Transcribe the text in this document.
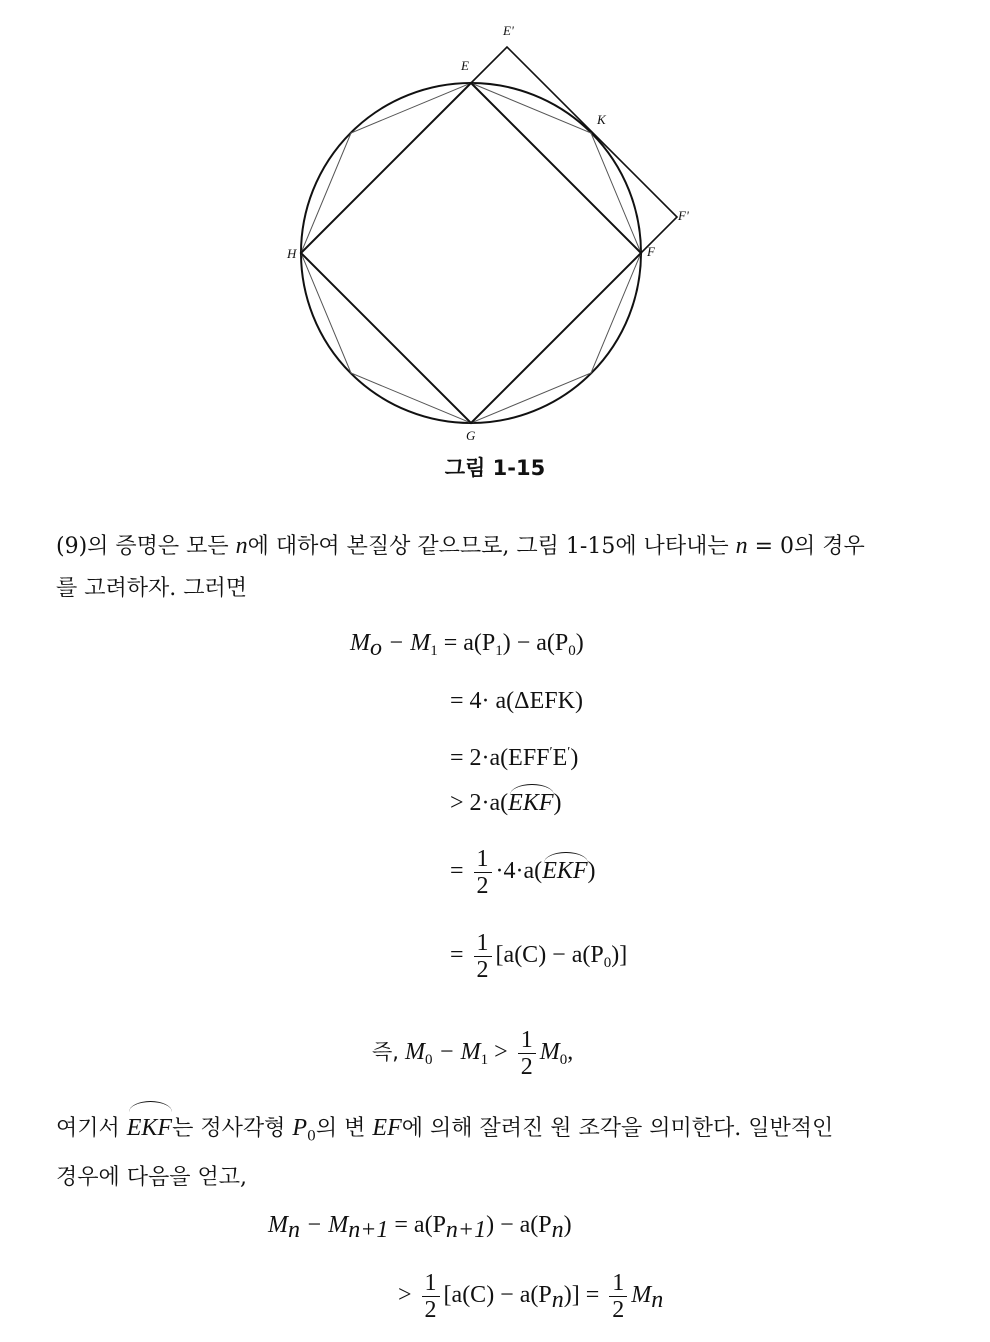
E
E'
K
F'
F
H
G
그림 1-15
(9)의 증명은 모든 n에 대하여 본질상 같으므로, 그림 1-15에 나타내는 n = 0의 경우
를 고려하자. 그러면
$M_o - M_1 = a(P_1) - a(P_0)$
= 4· a(ΔEFK)
= 2·a(EFF′E′)
> 2·a(EKF)
= $\frac{1}{2} \cdot 4\cdot a(EKF)$
= $\frac{1}{2} [a(C) - a(P_0)]$
즉, $M_0 - M_1 > \frac{1}{2} M_0$,
여기서 EKF는 정사각형 $P_0$의 변 EF에 의해 잘려진 원 조각을 의미한다. 일반적인
경우에 다음을 얻고,
$M_n - M_{n+1} = a(P_{n+1}) - a(P_n)$
> $\frac{1}{2} [a(C) - a(P_n)] = \frac{1}{2} M_n$
